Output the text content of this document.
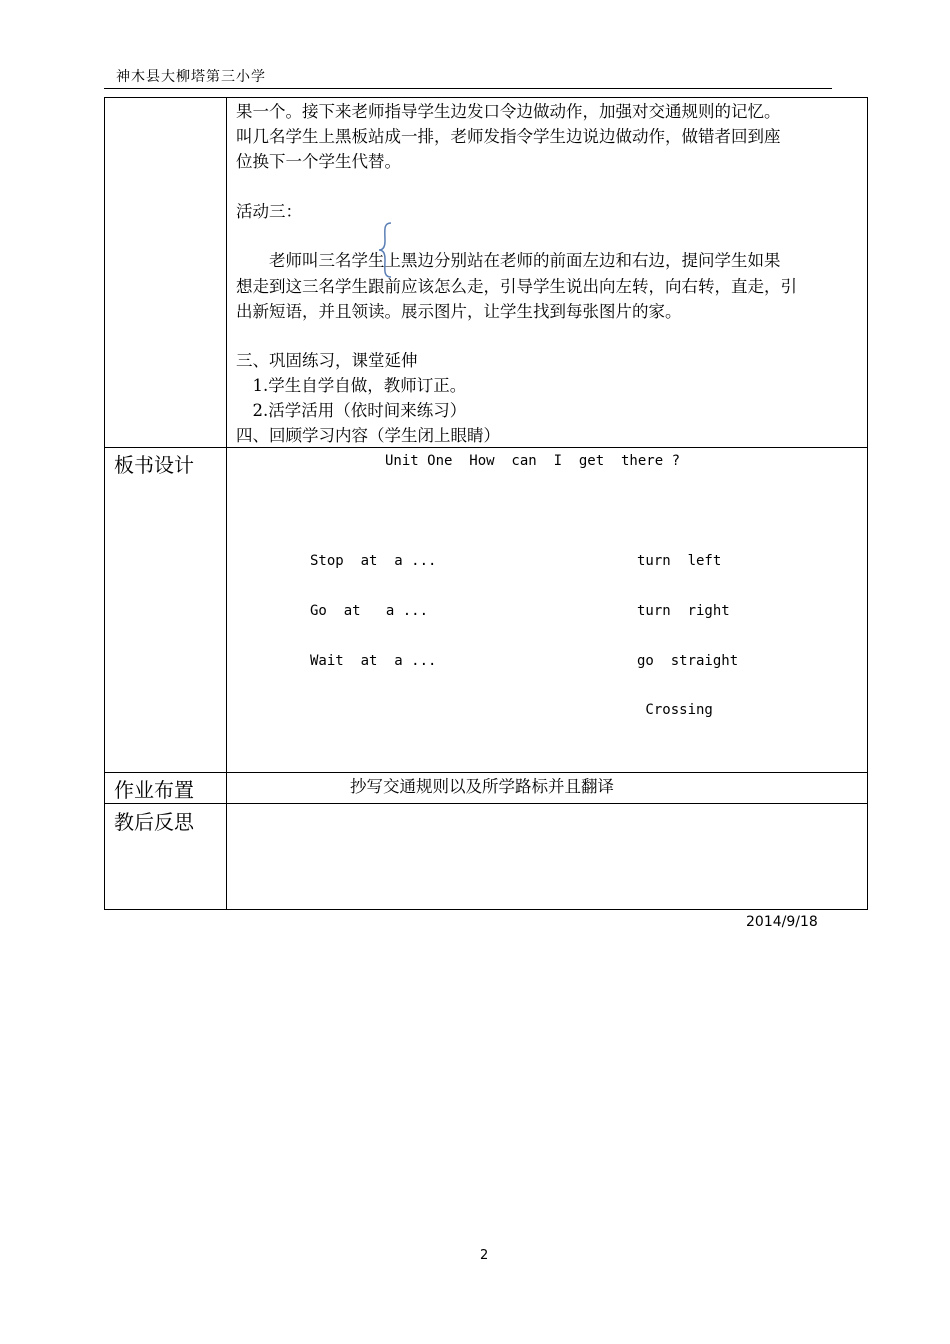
神木县大柳塔第三小学

果一个。接下来老师指导学生边发口令边做动作，加强对交通规则的记忆。

叫几名学生上黑板站成一排，老师发指令学生边说边做动作，做错者回到座

位换下一个学生代替。

活动三：

　　老师叫三名学生上黑边分别站在老师的前面左边和右边，提问学生如果

想走到这三名学生跟前应该怎么走，引导学生说出向左转，向右转，直走，引

出新短语，并且领读。展示图片，让学生找到每张图片的家。

三、巩固练习，课堂延伸

　1.学生自学自做，教师订正。

　2.活学活用（依时间来练习）

四、回顾学习内容（学生闭上眼睛）

板书设计	Unit One  How  can  I  get  there ?
Stop  at  a ...
Go  at   a ...
Wait  at  a ...
turn  left
turn  right
go  straight
Crossing
作业布置	抄写交通规则以及所学路标并且翻译
教后反思
2014/9/18
2
